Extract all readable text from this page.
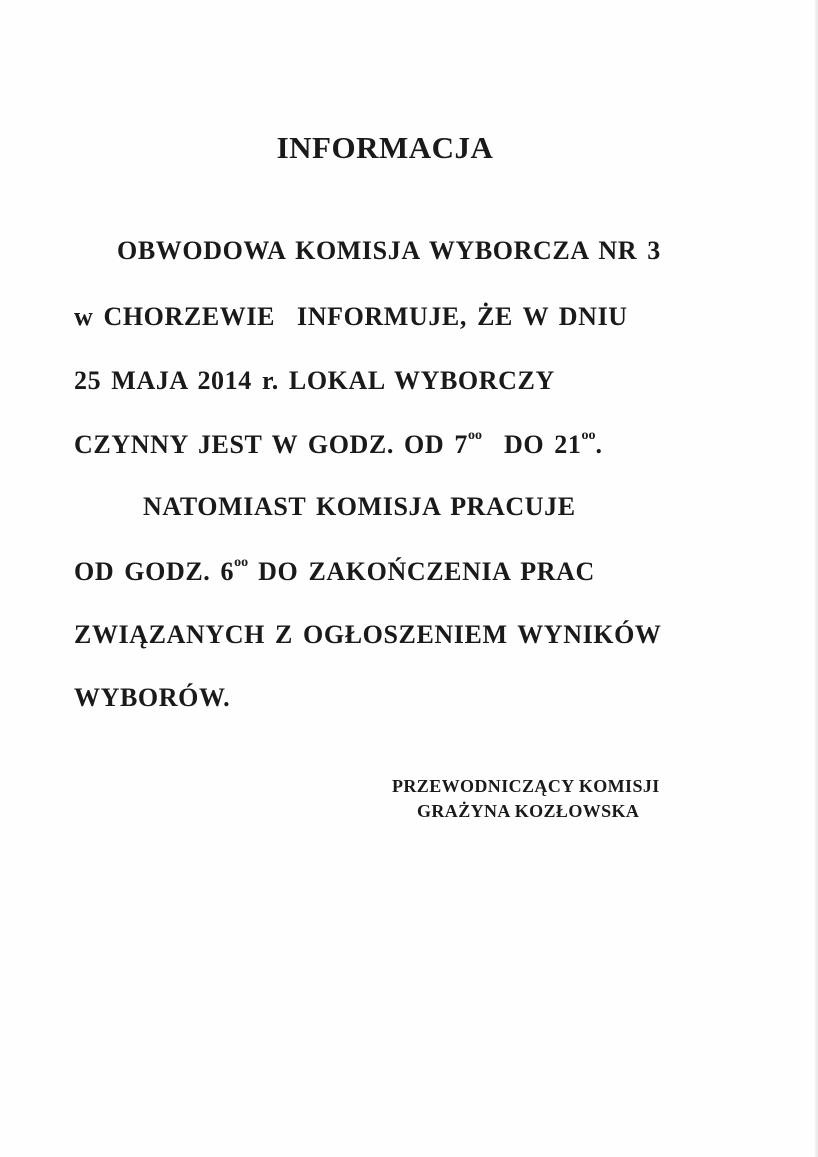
INFORMACJA
OBWODOWA KOMISJA WYBORCZA NR 3
w CHORZEWIE INFORMUJE, ŻE W DNIU
25 MAJA 2014 r. LOKAL WYBORCZY
CZYNNY JEST W GODZ. OD $7^{oo}$ DO $21^{oo}$.
NATOMIAST KOMISJA PRACUJE
OD GODZ. $6^{oo}$ DO ZAKOŃCZENIA PRAC
ZWIĄZANYCH Z OGŁOSZENIEM WYNIKÓW
WYBORÓW.
PRZEWODNICZĄCY KOMISJI
GRAŻYNA KOZŁOWSKA
